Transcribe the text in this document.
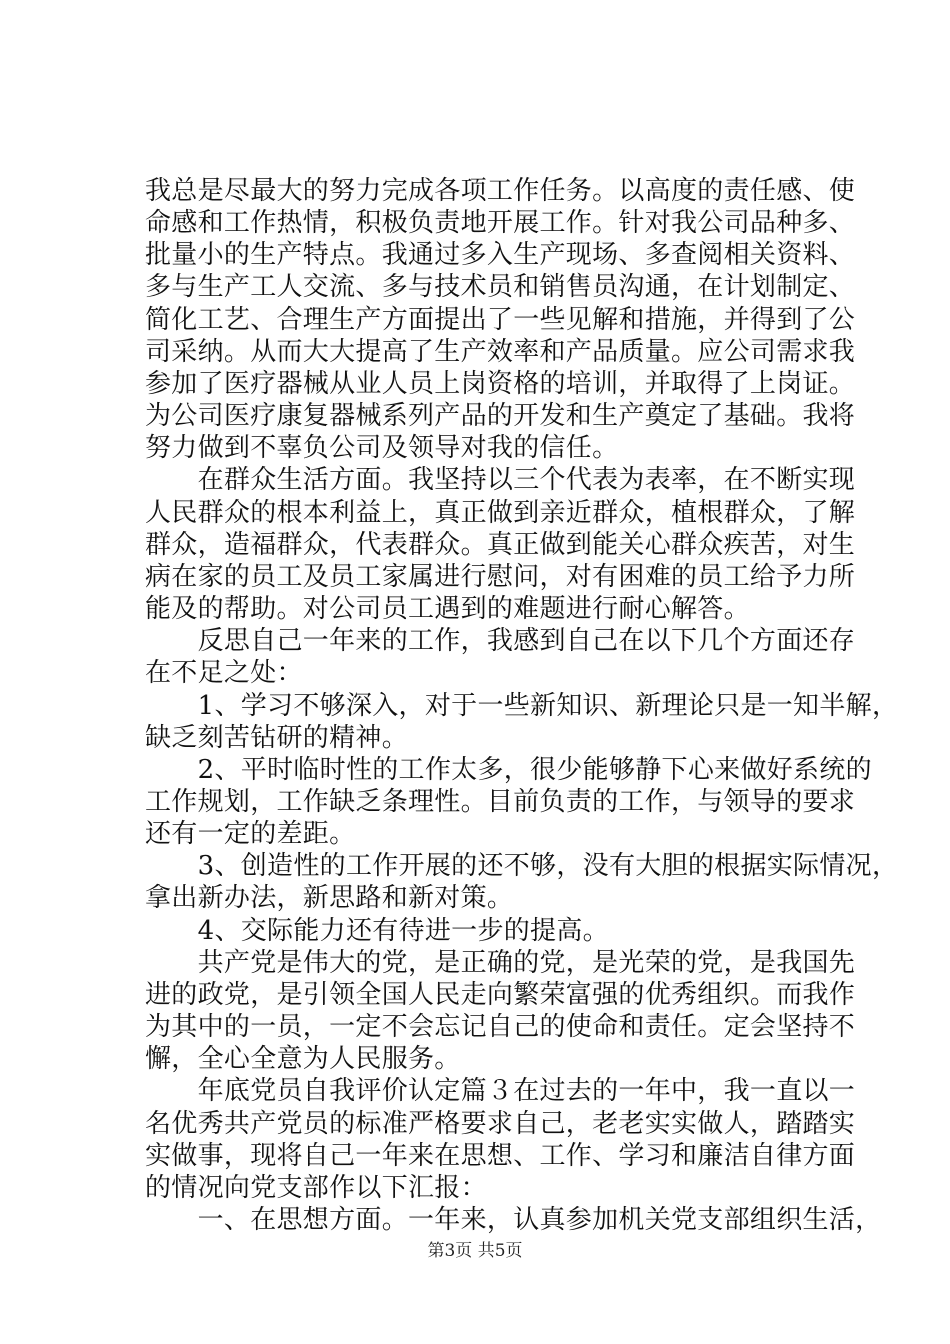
我总是尽最大的努力完成各项工作任务。以高度的责任感、使
命感和工作热情，积极负责地开展工作。针对我公司品种多、
批量小的生产特点。我通过多入生产现场、多查阅相关资料、
多与生产工人交流、多与技术员和销售员沟通，在计划制定、
简化工艺、合理生产方面提出了一些见解和措施，并得到了公
司采纳。从而大大提高了生产效率和产品质量。应公司需求我
参加了医疗器械从业人员上岗资格的培训，并取得了上岗证。
为公司医疗康复器械系列产品的开发和生产奠定了基础。我将
努力做到不辜负公司及领导对我的信任。
　　在群众生活方面。我坚持以三个代表为表率，在不断实现
人民群众的根本利益上，真正做到亲近群众，植根群众，了解
群众，造福群众，代表群众。真正做到能关心群众疾苦，对生
病在家的员工及员工家属进行慰问，对有困难的员工给予力所
能及的帮助。对公司员工遇到的难题进行耐心解答。
　　反思自己一年来的工作，我感到自己在以下几个方面还存
在不足之处：
　　1、学习不够深入，对于一些新知识、新理论只是一知半解，
缺乏刻苦钻研的精神。
　　2、平时临时性的工作太多，很少能够静下心来做好系统的
工作规划，工作缺乏条理性。目前负责的工作，与领导的要求
还有一定的差距。
　　3、创造性的工作开展的还不够，没有大胆的根据实际情况，
拿出新办法，新思路和新对策。
　　4、交际能力还有待进一步的提高。
　　共产党是伟大的党，是正确的党，是光荣的党，是我国先
进的政党，是引领全国人民走向繁荣富强的优秀组织。而我作
为其中的一员，一定不会忘记自己的使命和责任。定会坚持不
懈，全心全意为人民服务。
　　年底党员自我评价认定篇３在过去的一年中，我一直以一
名优秀共产党员的标准严格要求自己，老老实实做人，踏踏实
实做事，现将自己一年来在思想、工作、学习和廉洁自律方面
的情况向党支部作以下汇报：
　　一、在思想方面。一年来，认真参加机关党支部组织生活，
第3页 共5页
